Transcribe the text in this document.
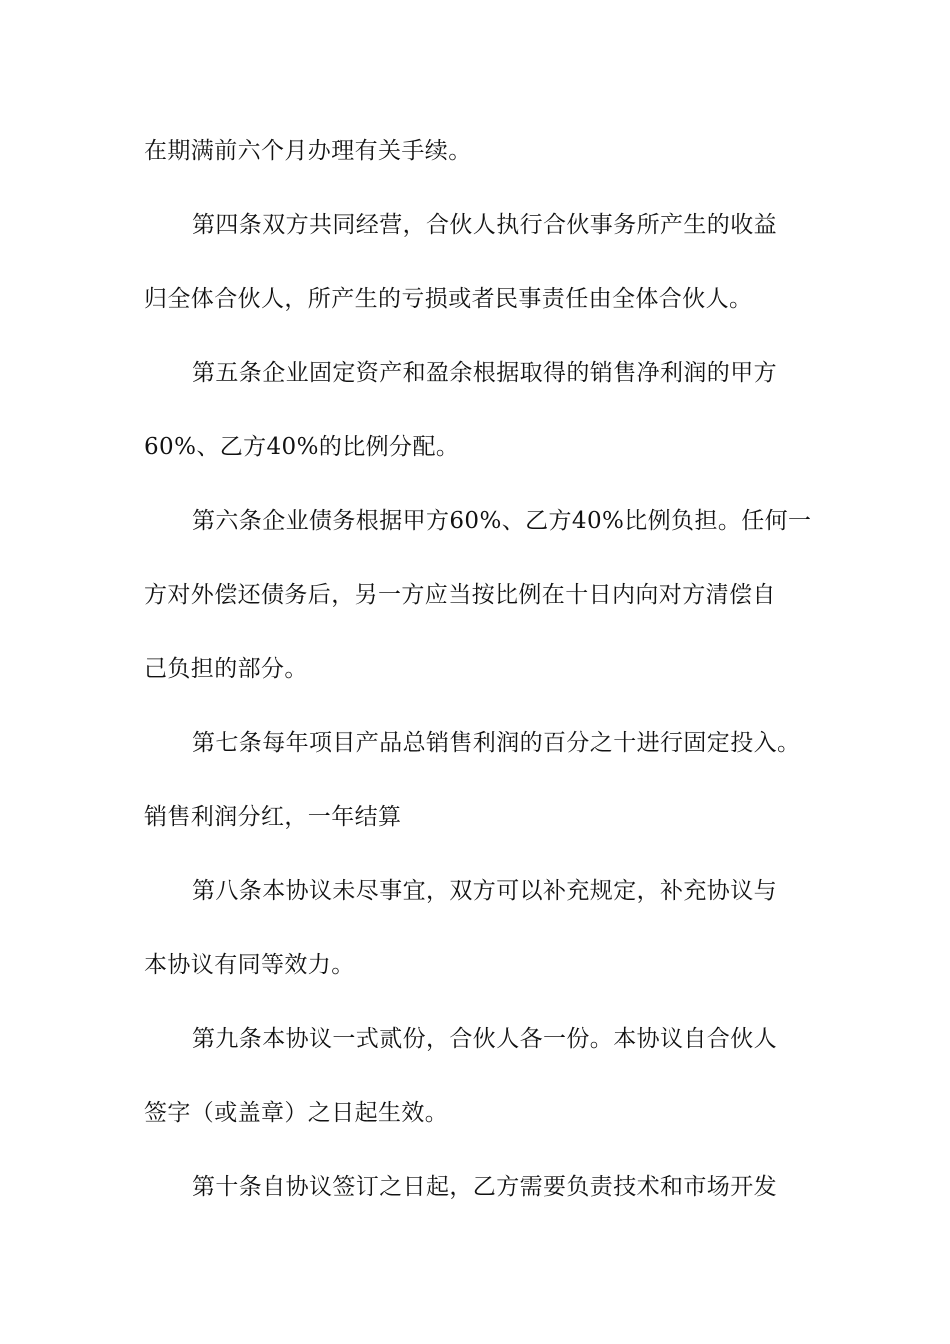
在期满前六个月办理有关手续。
第四条双方共同经营，合伙人执行合伙事务所产生的收益
归全体合伙人，所产生的亏损或者民事责任由全体合伙人。
第五条企业固定资产和盈余根据取得的销售净利润的甲方
60%、乙方40%的比例分配。
第六条企业债务根据甲方60%、乙方40%比例负担。任何一
方对外偿还债务后，另一方应当按比例在十日内向对方清偿自
己负担的部分。
第七条每年项目产品总销售利润的百分之十进行固定投入。
销售利润分红，一年结算
第八条本协议未尽事宜，双方可以补充规定，补充协议与
本协议有同等效力。
第九条本协议一式贰份，合伙人各一份。本协议自合伙人
签字（或盖章）之日起生效。
第十条自协议签订之日起，乙方需要负责技术和市场开发
